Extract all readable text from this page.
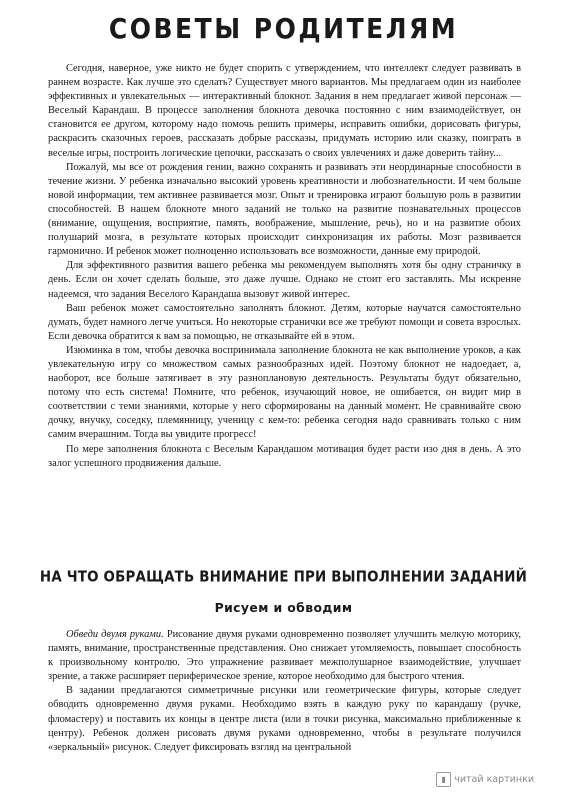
СОВЕТЫ РОДИТЕЛЯМ

Сегодня, наверное, уже никто не будет спорить с утверждением, что интеллект следует развивать в раннем возрасте. Как лучше это сделать? Существует много вариантов. Мы предлагаем один из наиболее эффективных и увлекательных — интерактивный блокнот. Задания в нем предлагает живой персонаж — Веселый Карандаш. В процессе заполнения блокнота девочка постоянно с ним взаимодействует, он становится ее другом, которому надо помочь решить примеры, исправить ошибки, дорисовать фигуры, раскрасить сказочных героев, рассказать добрые рассказы, придумать историю или сказку, поиграть в веселые игры, построить логические цепочки, рассказать о своих увлечениях и даже доверить тайну...

Пожалуй, мы все от рождения гении, важно сохранять и развивать эти неординарные способности в течение жизни. У ребенка изначально высокий уровень креативности и любознательности. И чем больше новой информации, тем активнее развивается мозг. Опыт и тренировка играют большую роль в развитии способностей. В нашем блокноте много заданий не только на развитие познавательных процессов (внимание, ощущения, восприятие, память, воображение, мышление, речь), но и на развитие обоих полушарий мозга, в результате которых происходит синхронизация их работы. Мозг развивается гармонично. И ребенок может полноценно использовать все возможности, данные ему природой.

Для эффективного развития вашего ребенка мы рекомендуем выполнять хотя бы одну страничку в день. Если он хочет сделать больше, это даже лучше. Однако не стоит его заставлять. Мы искренне надеемся, что задания Веселого Карандаша вызовут живой интерес.

Ваш ребенок может самостоятельно заполнять блокнот. Детям, которые научатся самостоятельно думать, будет намного легче учиться. Но некоторые странички все же требуют помощи и совета взрослых. Если девочка обратится к вам за помощью, не отказывайте ей в этом.

Изюминка в том, чтобы девочка воспринимала заполнение блокнота не как выполнение уроков, а как увлекательную игру со множеством самых разнообразных идей. Поэтому блокнот не надоедает, а, наоборот, все больше затягивает в эту разноплановую деятельность. Результаты будут обязательно, потому что есть система! Помните, что ребенок, изучающий новое, не ошибается, он видит мир в соответствии с теми знаниями, которые у него сформированы на данный момент. Не сравнивайте свою дочку, внучку, соседку, племянницу, ученицу с кем-то: ребенка сегодня надо сравнивать только с ним самим вчерашним. Тогда вы увидите прогресс!

По мере заполнения блокнота с Веселым Карандашом мотивация будет расти изо дня в день. А это залог успешного продвижения дальше.

НА ЧТО ОБРАЩАТЬ ВНИМАНИЕ ПРИ ВЫПОЛНЕНИИ ЗАДАНИЙ
Рисуем и обводим

Обведи двумя руками. Рисование двумя руками одновременно позволяет улучшить мелкую моторику, память, внимание, пространственные представления. Оно снижает утомляемость, повышает способность к произвольному контролю. Это упражнение развивает межполушарное взаимодействие, улучшает зрение, а также расширяет периферическое зрение, которое необходимо для быстрого чтения.

В задании предлагаются симметричные рисунки или геометрические фигуры, которые следует обводить одновременно двумя руками. Необходимо взять в каждую руку по карандашу (ручке, фломастеру) и поставить их концы в центре листа (или в точки рисунка, максимально приближенные к центру). Ребенок должен рисовать двумя руками одновременно, чтобы в результате получился «зеркальный» рисунок. Следует фиксировать взгляд на центральной

▮ читай картинки
